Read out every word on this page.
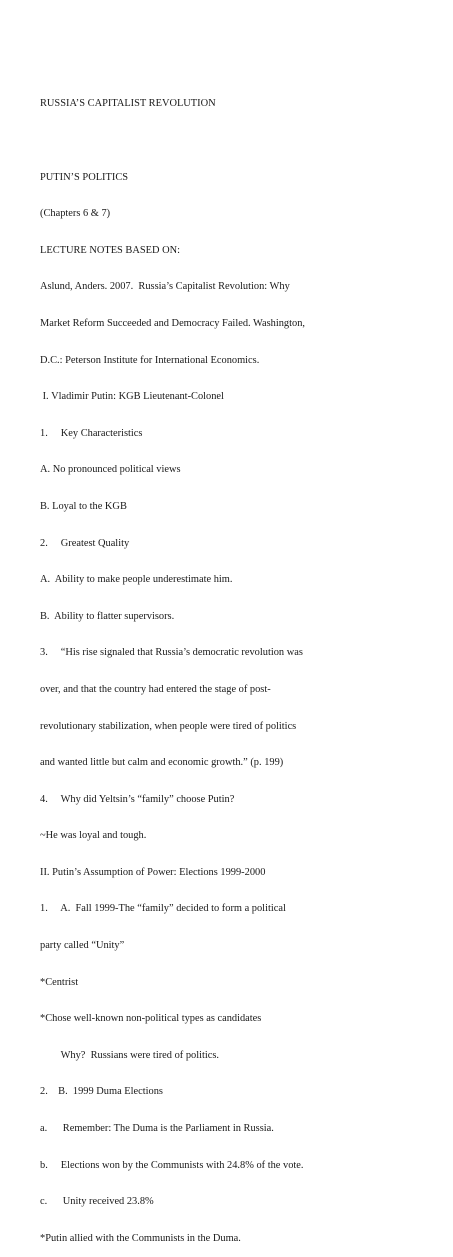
RUSSIA’S CAPITALIST REVOLUTION

PUTIN’S POLITICS

(Chapters 6 & 7)

LECTURE NOTES BASED ON:

Aslund, Anders. 2007.  Russia’s Capitalist Revolution: Why

Market Reform Succeeded and Democracy Failed. Washington,

D.C.: Peterson Institute for International Economics.

I. Vladimir Putin: KGB Lieutenant-Colonel

1.     Key Characteristics

A. No pronounced political views

B. Loyal to the KGB

2.     Greatest Quality

A.  Ability to make people underestimate him.

B.  Ability to flatter supervisors.

3.     “His rise signaled that Russia’s democratic revolution was

over, and that the country had entered the stage of post-

revolutionary stabilization, when people were tired of politics

and wanted little but calm and economic growth.” (p. 199)

4.     Why did Yeltsin’s “family” choose Putin?

~He was loyal and tough.

II. Putin’s Assumption of Power: Elections 1999-2000

1.     A.  Fall 1999-The “family” decided to form a political

party called “Unity”

*Centrist

*Chose well-known non-political types as candidates

Why?  Russians were tired of politics.

2.    B.  1999 Duma Elections

a.      Remember: The Duma is the Parliament in Russia.

b.     Elections won by the Communists with 24.8% of the vote.

c.      Unity received 23.8%

*Putin allied with the Communists in the Duma.
